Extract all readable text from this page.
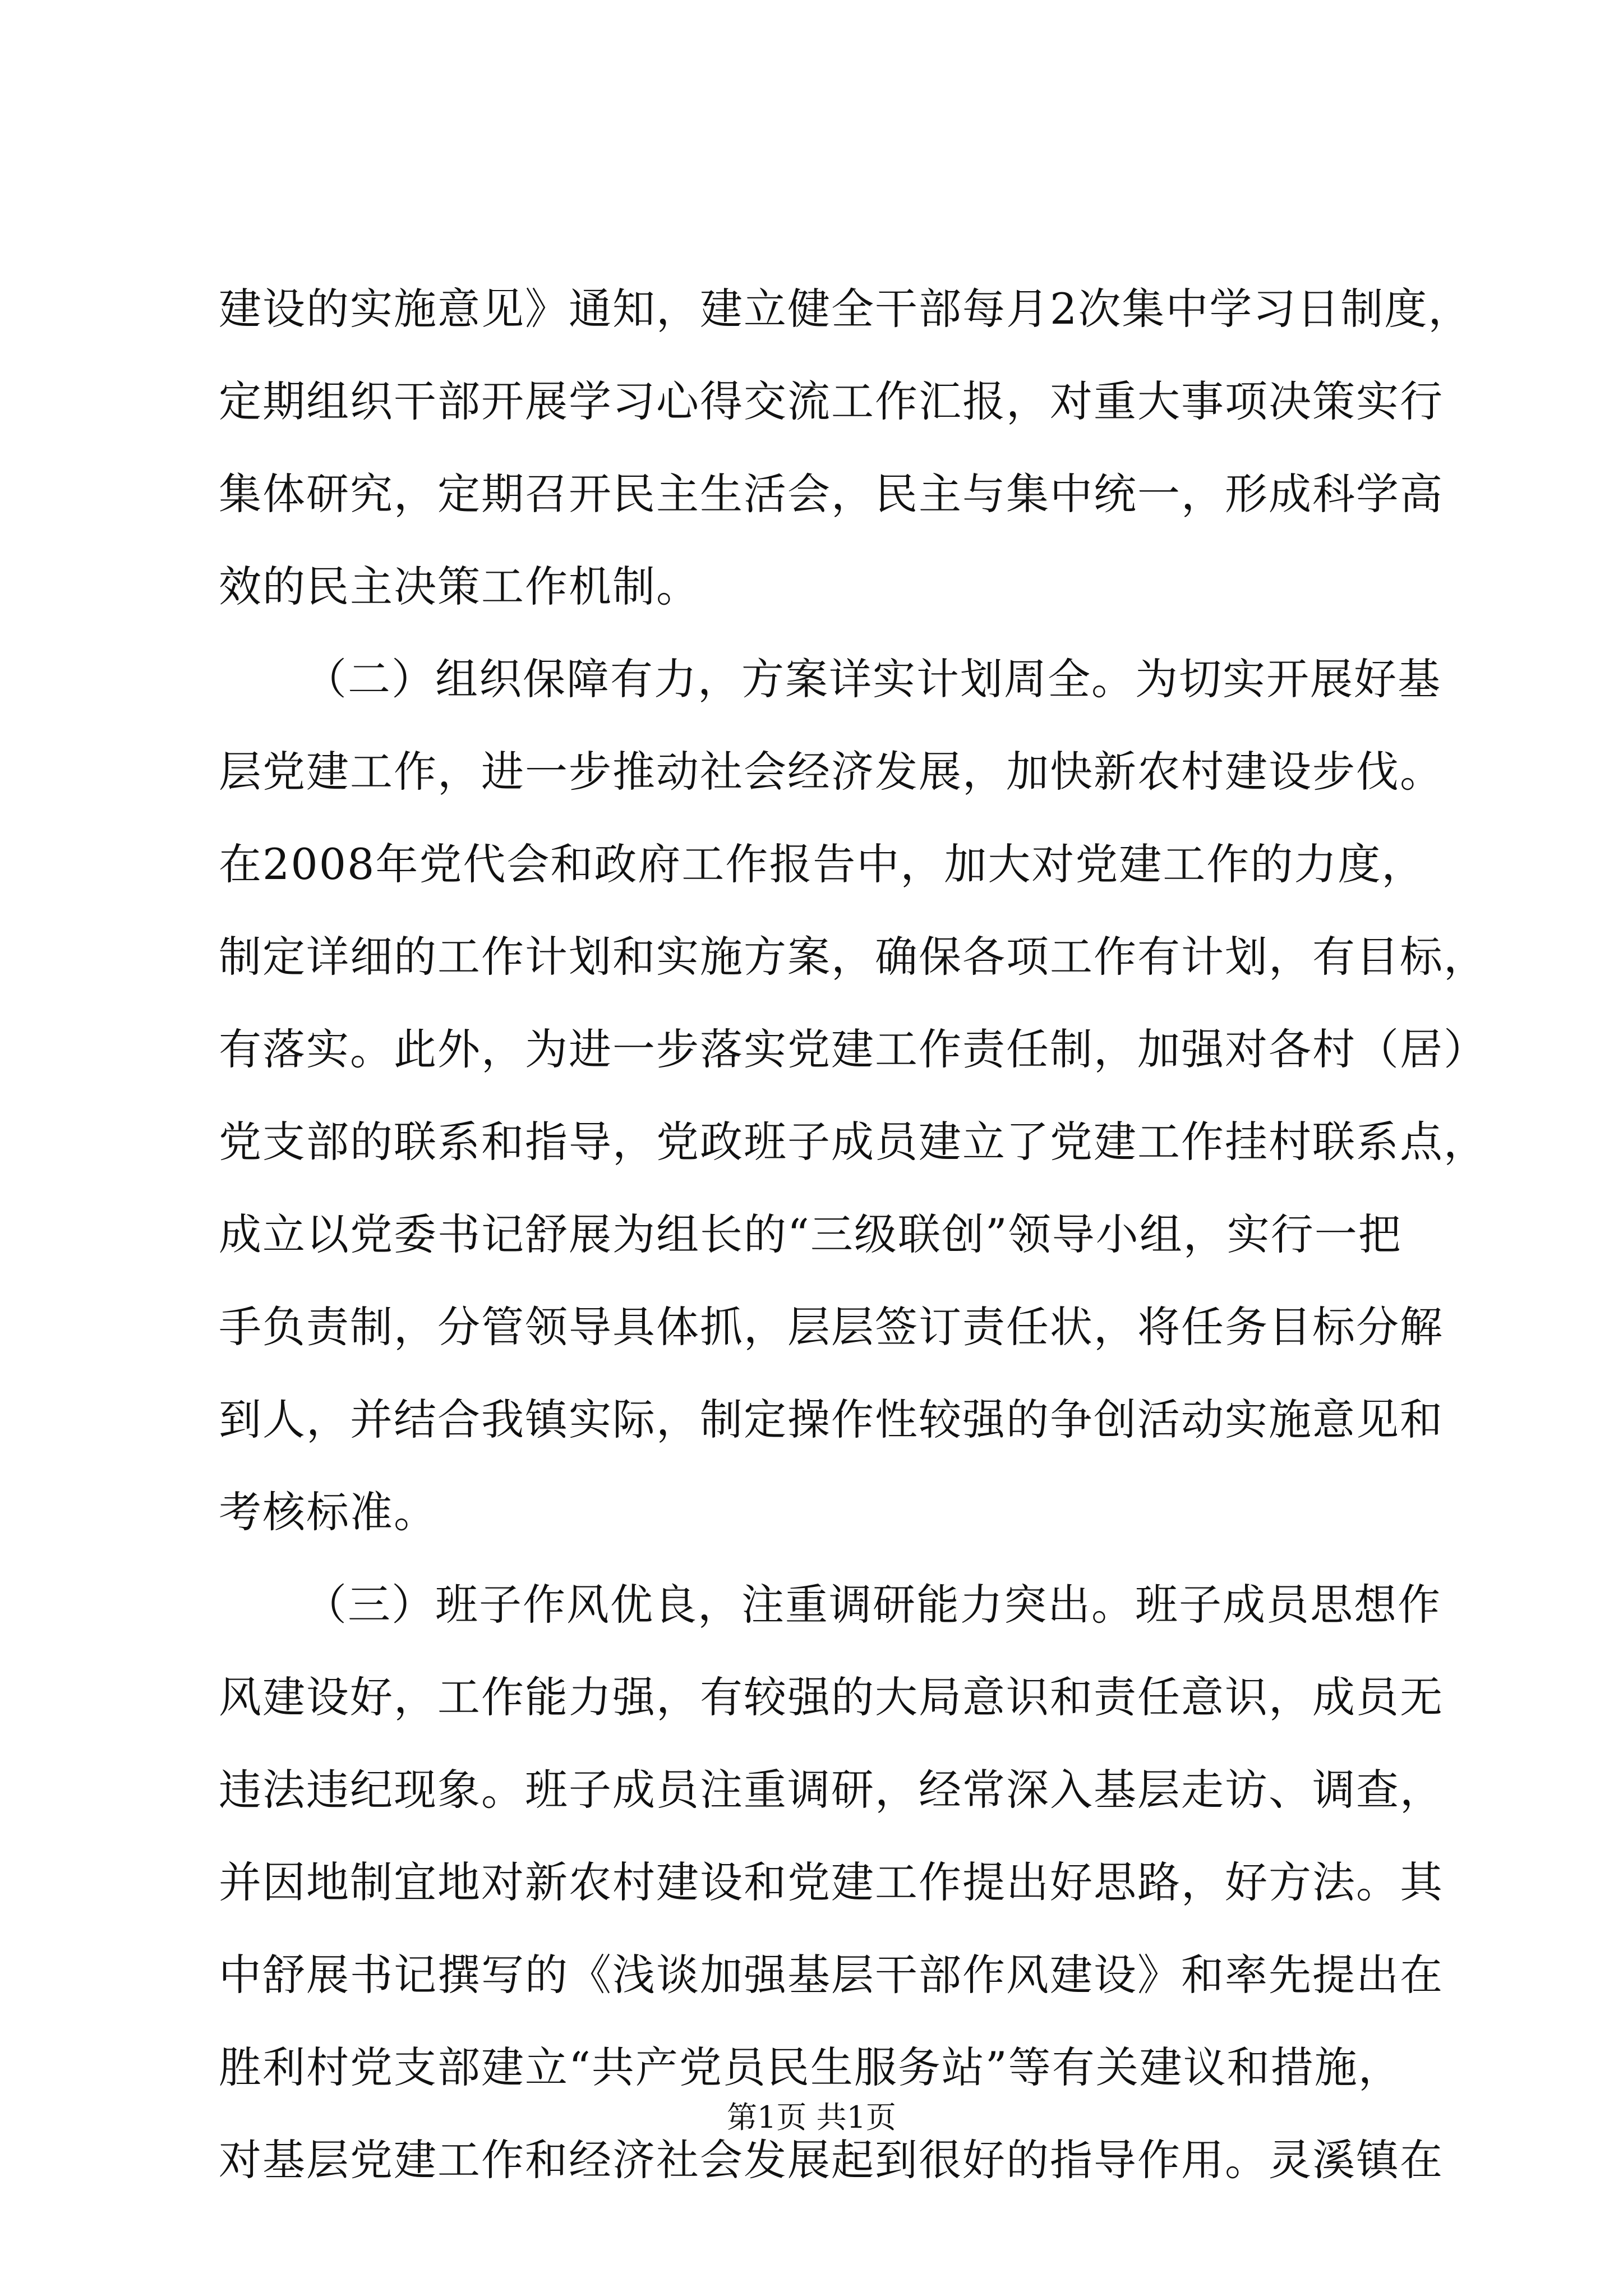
建设的实施意见》通知，建立健全干部每月2次集中学习日制度，
定期组织干部开展学习心得交流工作汇报，对重大事项决策实行
集体研究，定期召开民主生活会，民主与集中统一，形成科学高
效的民主决策工作机制。
（二）组织保障有力，方案详实计划周全。为切实开展好基
层党建工作，进一步推动社会经济发展，加快新农村建设步伐。
在2008年党代会和政府工作报告中，加大对党建工作的力度，
制定详细的工作计划和实施方案，确保各项工作有计划，有目标，
有落实。此外，为进一步落实党建工作责任制，加强对各村（居）
党支部的联系和指导，党政班子成员建立了党建工作挂村联系点，
成立以党委书记舒展为组长的“三级联创”领导小组，实行一把
手负责制，分管领导具体抓，层层签订责任状，将任务目标分解
到人，并结合我镇实际，制定操作性较强的争创活动实施意见和
考核标准。
（三）班子作风优良，注重调研能力突出。班子成员思想作
风建设好，工作能力强，有较强的大局意识和责任意识，成员无
违法违纪现象。班子成员注重调研，经常深入基层走访、调查，
并因地制宜地对新农村建设和党建工作提出好思路，好方法。其
中舒展书记撰写的《浅谈加强基层干部作风建设》和率先提出在
胜利村党支部建立“共产党员民生服务站”等有关建议和措施，
对基层党建工作和经济社会发展起到很好的指导作用。灵溪镇在
第1页 共1页
